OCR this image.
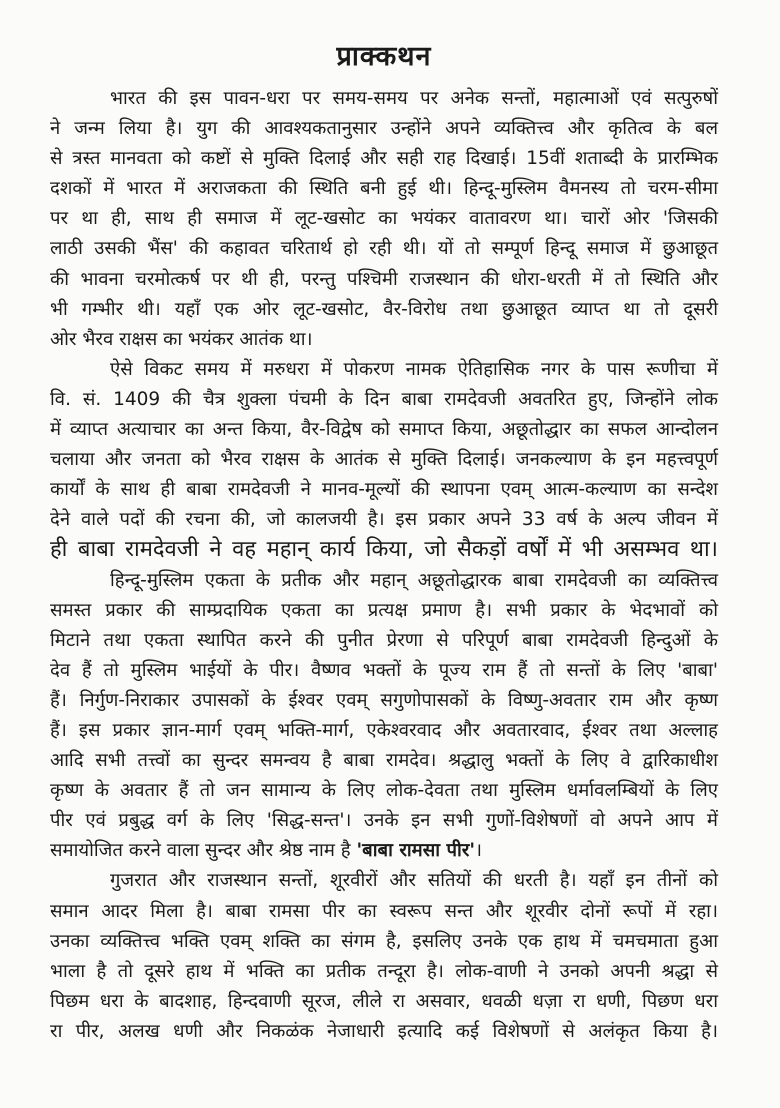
प्राक्कथन
भारत की इस पावन-धरा पर समय-समय पर अनेक सन्तों, महात्माओं एवं सत्पुरुषों
ने जन्म लिया है। युग की आवश्यकतानुसार उन्होंने अपने व्यक्तित्त्व और कृतित्व के बल
से त्रस्त मानवता को कष्टों से मुक्ति दिलाई और सही राह दिखाई। 15वीं शताब्दी के प्रारम्भिक
दशकों में भारत में अराजकता की स्थिति बनी हुई थी। हिन्दू-मुस्लिम वैमनस्य तो चरम-सीमा
पर था ही, साथ ही समाज में लूट-खसोट का भयंकर वातावरण था। चारों ओर 'जिसकी
लाठी उसकी भैंस' की कहावत चरितार्थ हो रही थी। यों तो सम्पूर्ण हिन्दू समाज में छुआछूत
की भावना चरमोत्कर्ष पर थी ही, परन्तु पश्चिमी राजस्थान की धोरा-धरती में तो स्थिति और
भी गम्भीर थी। यहाँ एक ओर लूट-खसोट, वैर-विरोध तथा छुआछूत व्याप्त था तो दूसरी
ओर भैरव राक्षस का भयंकर आतंक था।
ऐसे विकट समय में मरुधरा में पोकरण नामक ऐतिहासिक नगर के पास रूणीचा में
वि. सं. 1409 की चैत्र शुक्ला पंचमी के दिन बाबा रामदेवजी अवतरित हुए, जिन्होंने लोक
में व्याप्त अत्याचार का अन्त किया, वैर-विद्वेष को समाप्त किया, अछूतोद्धार का सफल आन्दोलन
चलाया और जनता को भैरव राक्षस के आतंक से मुक्ति दिलाई। जनकल्याण के इन महत्त्वपूर्ण
कार्यों के साथ ही बाबा रामदेवजी ने मानव-मूल्यों की स्थापना एवम् आत्म-कल्याण का सन्देश
देने वाले पदों की रचना की, जो कालजयी है। इस प्रकार अपने 33 वर्ष के अल्प जीवन में
ही बाबा रामदेवजी ने वह महान् कार्य किया, जो सैकड़ों वर्षों में भी असम्भव था।
हिन्दू-मुस्लिम एकता के प्रतीक और महान् अछूतोद्धारक बाबा रामदेवजी का व्यक्तित्त्व
समस्त प्रकार की साम्प्रदायिक एकता का प्रत्यक्ष प्रमाण है। सभी प्रकार के भेदभावों को
मिटाने तथा एकता स्थापित करने की पुनीत प्रेरणा से परिपूर्ण बाबा रामदेवजी हिन्दुओं के
देव हैं तो मुस्लिम भाईयों के पीर। वैष्णव भक्तों के पूज्य राम हैं तो सन्तों के लिए 'बाबा'
हैं। निर्गुण-निराकार उपासकों के ईश्वर एवम् सगुणोपासकों के विष्णु-अवतार राम और कृष्ण
हैं। इस प्रकार ज्ञान-मार्ग एवम् भक्ति-मार्ग, एकेश्वरवाद और अवतारवाद, ईश्वर तथा अल्लाह
आदि सभी तत्त्वों का सुन्दर समन्वय है बाबा रामदेव। श्रद्धालु भक्तों के लिए वे द्वारिकाधीश
कृष्ण के अवतार हैं तो जन सामान्य के लिए लोक-देवता तथा मुस्लिम धर्मावलम्बियों के लिए
पीर एवं प्रबुद्ध वर्ग के लिए 'सिद्ध-सन्त'। उनके इन सभी गुणों-विशेषणों वो अपने आप में
समायोजित करने वाला सुन्दर और श्रेष्ठ नाम है 'बाबा रामसा पीर'।
गुजरात और राजस्थान सन्तों, शूरवीरों और सतियों की धरती है। यहाँ इन तीनों को
समान आदर मिला है। बाबा रामसा पीर का स्वरूप सन्त और शूरवीर दोनों रूपों में रहा।
उनका व्यक्तित्त्व भक्ति एवम् शक्ति का संगम है, इसलिए उनके एक हाथ में चमचमाता हुआ
भाला है तो दूसरे हाथ में भक्ति का प्रतीक तन्दूरा है। लोक-वाणी ने उनको अपनी श्रद्धा से
पिछम धरा के बादशाह, हिन्दवाणी सूरज, लीले रा असवार, धवळी धज़ा रा धणी, पिछण धरा
रा पीर, अलख धणी और निकळंक नेजाधारी इत्यादि कई विशेषणों से अलंकृत किया है।
